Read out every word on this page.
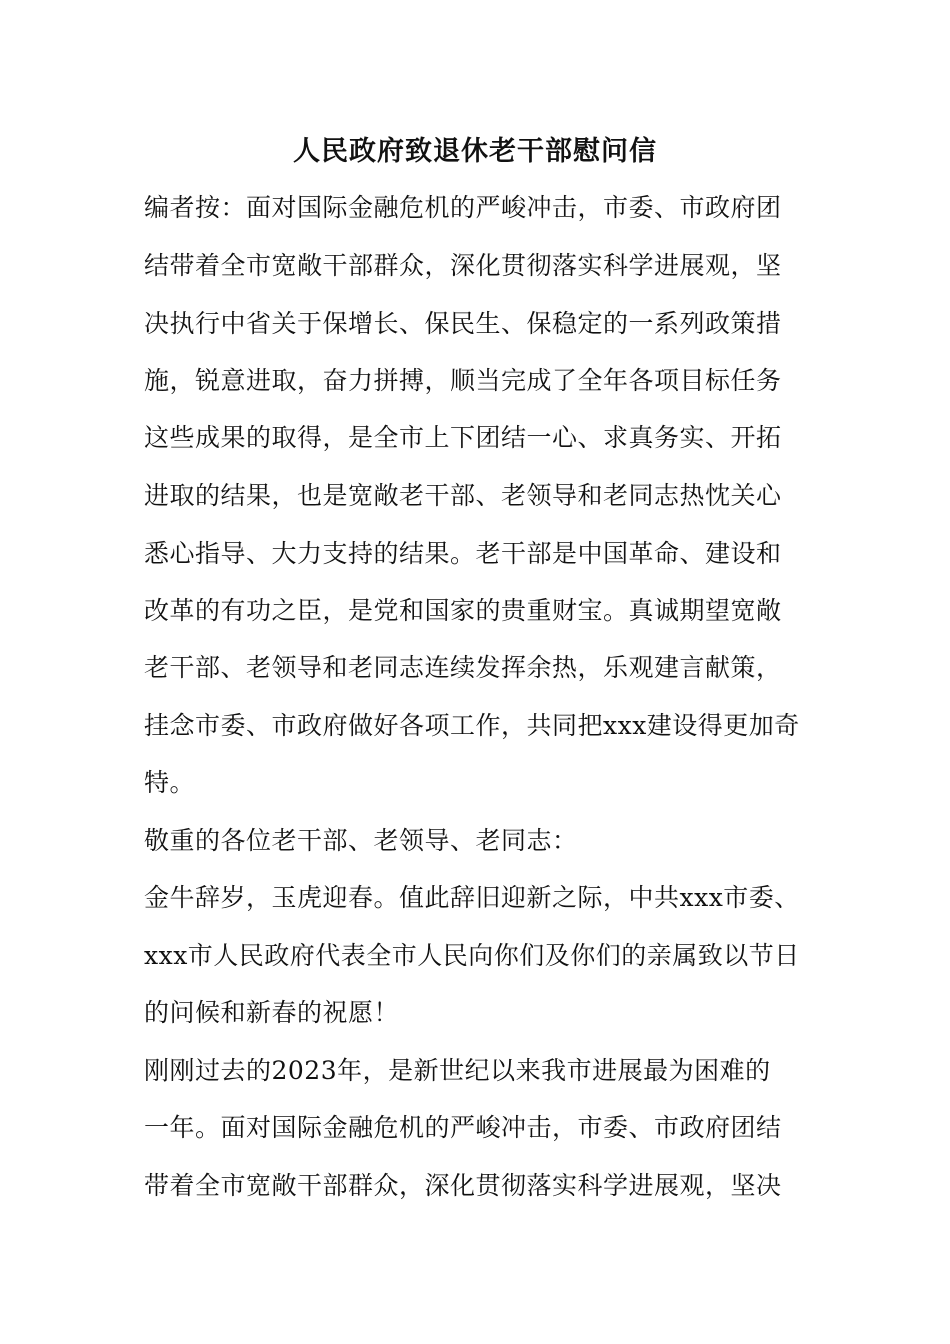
人民政府致退休老干部慰问信
编者按：面对国际金融危机的严峻冲击，市委、市政府团
结带着全市宽敞干部群众，深化贯彻落实科学进展观，坚
决执行中省关于保增长、保民生、保稳定的一系列政策措
施，锐意进取，奋力拼搏，顺当完成了全年各项目标任务
这些成果的取得，是全市上下团结一心、求真务实、开拓
进取的结果，也是宽敞老干部、老领导和老同志热忱关心
悉心指导、大力支持的结果。老干部是中国革命、建设和
改革的有功之臣，是党和国家的贵重财宝。真诚期望宽敞
老干部、老领导和老同志连续发挥余热，乐观建言献策，
挂念市委、市政府做好各项工作，共同把xxx建设得更加奇
特。
敬重的各位老干部、老领导、老同志：
金牛辞岁，玉虎迎春。值此辞旧迎新之际，中共xxx市委、
xxx市人民政府代表全市人民向你们及你们的亲属致以节日
的问候和新春的祝愿！
刚刚过去的2023年，是新世纪以来我市进展最为困难的
一年。面对国际金融危机的严峻冲击，市委、市政府团结
带着全市宽敞干部群众，深化贯彻落实科学进展观，坚决
